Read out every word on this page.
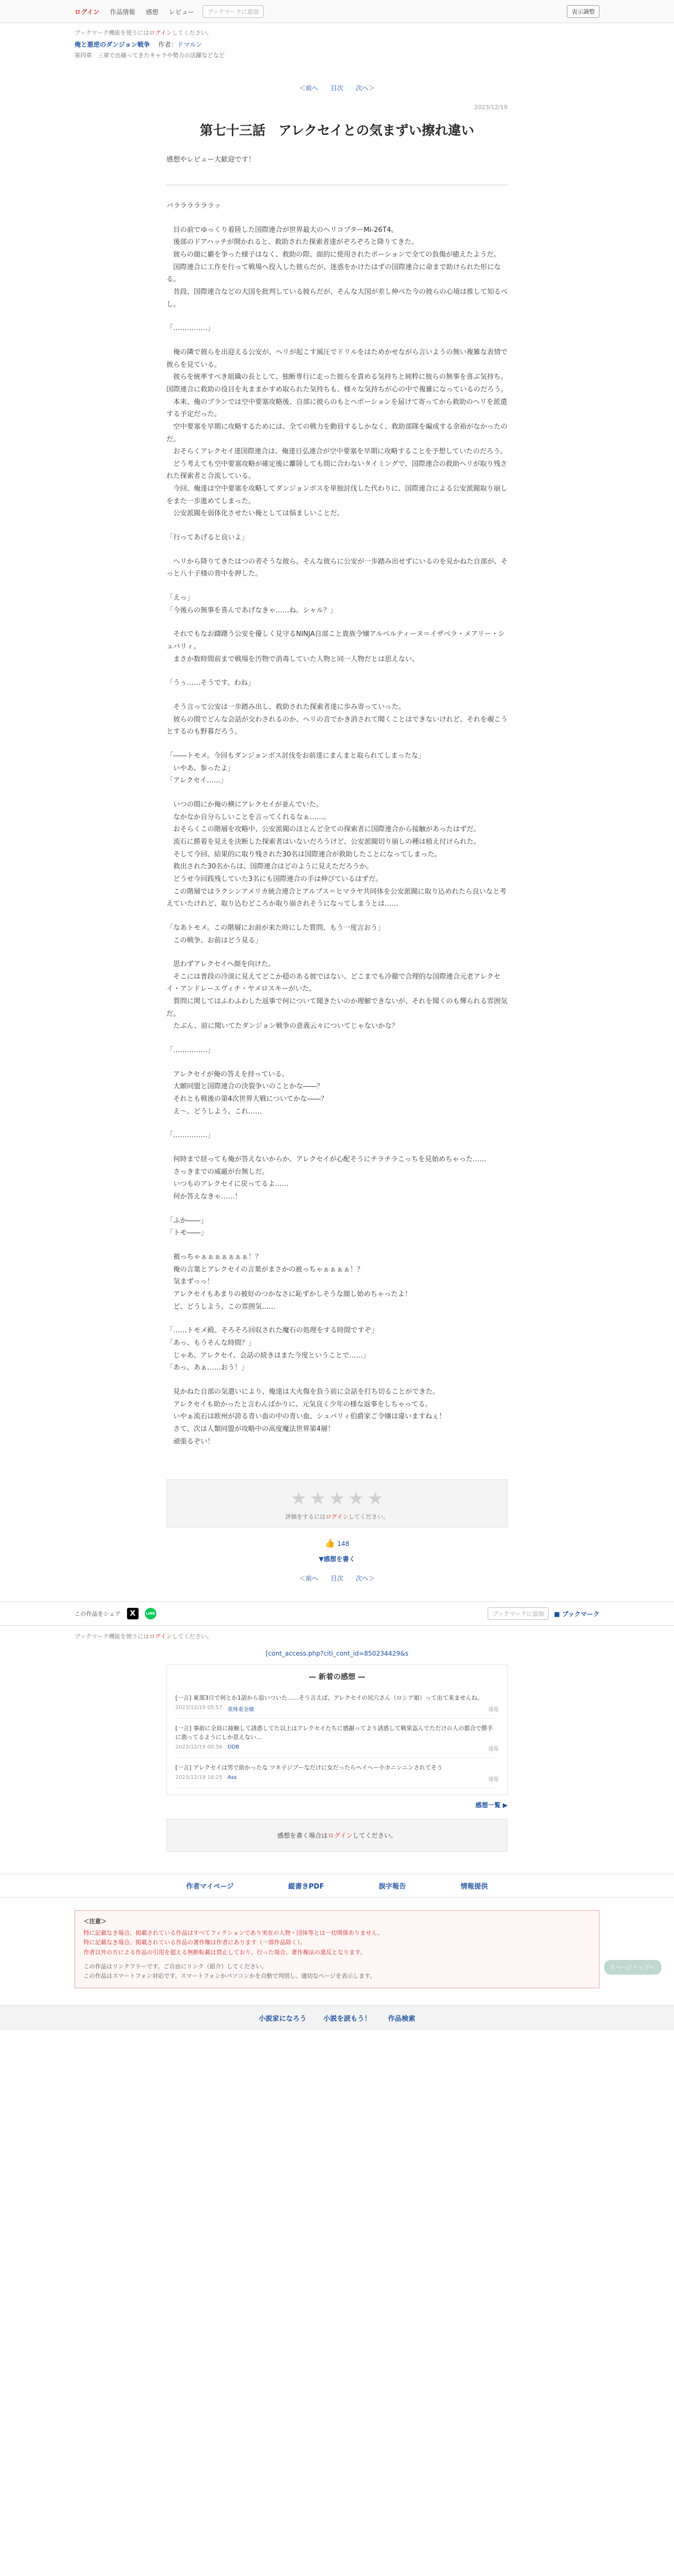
ログイン 作品情報 感想 レビュー	ブックマークに追加	表示調整
ブックマーク機能を使うにはログインしてください。
俺と悪逆のダンジョン戦争 　 作者：ドマルン
第四章　三章で出揃ってきたキャラや勢力の活躍などなど
＜前へ 目次 次へ＞
2023/12/19
第七十三話　アレクセイとの気まずい擦れ違い
感想やレビュー大歓迎です！

バララララララッ

　目の前でゆっくり着陸した国際連合が世界最大のヘリコプターMi-26T4。
　後部のドアハッチが開かれると、救助された探索者達がぞろぞろと降りてきた。
　彼らの顔に覇を争った様子はなく、救助の際、面的に使用されたポーションで全ての負傷が癒えたようだ。
　国際連合に工作を行って戦場へ投入した彼らだが、迷惑をかけたはずの国際連合に命まで助けられた形になる。
　昔段、国際連合などの大国を批判している彼らだが、そんな大国が差し伸べた今の彼らの心境は推して知るべし。

「……………」

　俺の隣で彼らを出迎える公安が、ヘリが起こす風圧でドリルをはためかせながら言いようの無い複雑な表情で彼らを見ている。
　彼らを統率すべき組織の長として、独断専行に走った彼らを責める気持ちと純粋に彼らの無事を喜ぶ気持ち。国際連合に救助の役目を丸ままかすめ取られた気持ちも、様々な気持ちが心の中で複雑になっているのだろう。
　本来、俺のプランでは空中要塞攻略後、自部に彼らのもとへポーションを届けて寄ってから救助のヘリを派遣する予定だった。
　空中要塞を早期に攻略するためには、全ての戦力を動員するしかなく、救助部隊を編成する余裕がなかったのだ。
　おそらくアレクセイ達国際連合は、俺達日弘連合が空中要塞を早期に攻略することを予想していたのだろう。
　どう考えても空中要塞攻略が確定後に離陸しても間に合わないタイミングで、国際連合の救助ヘリが取り残された探索者と合流している。
　今回、俺達は空中要塞を攻略してダンジョンボスを単独討伐した代わりに、国際連合による公安派閥取り崩しをまた一歩進めてしまった。
　公安派閥を弱体化させたい俺としては悩ましいことだ。

「行ってあげると良いよ」

　ヘリから降りてきたはつの者そうな彼ら。そんな彼らに公安が一歩踏み出せずにいるのを見かねた自部が、そっと八十子様の背中を押した。

「えっ」
「今後らの無事を喜んであげなきゃ……ね。シャル？」

　それでもなお躊躇う公安を優しく見守るNINJA自部こと貴族令嬢アルベルティーヌ＝イザベラ・メアリー・シュバリィ。
　まさか数時間前まで戦場を汚物で消毒していた人物と同一人物だとは思えない。

「うぅ……そうです、わね」

　そう言って公安は一歩踏み出し、救助された探索者達に歩み寄っていった。
　彼らの間でどんな会話が交わされるのか、ヘリの音でかき消されて聞くことはできないけれど、それを覗こうとするのも野暮だろう。

「――トモメ。今回もダンジョンボス討伐をお前達にまんまと取られてしまったな」
　いやあ、参ったよ」
「アレクセイ……」

　いつの間にか俺の横にアレクセイが並んでいた。
　なかなか自分らしいことを言ってくれるなぁ……。
　おそらくこの階層を攻略中、公安派閥のほとんど全ての探索者に国際連合から接触があったはずだ。
　流石に勝着を見えを決断した探索者はいないだろうけど、公安派閥切り崩しの種は植え付けられた。
　そして今回、結果的に取り残された30名は国際連合が救助したことになってしまった。
　救出された30名からは、国際連合はどのように見えただろうか。
　どうせ今回践残していた3名にも国際連合の手は伸びているはずだ。
　この階層ではラクシンアメリカ統合連合とアルプス＝ヒマラヤ共同体を公安派閥に取り込めれたら良いなと考えていたけれど、取り込むどころか取り崩されそうになってしまうとは……

「なあトモメ。この階層にお前が来た時にした質問、もう一度言おう」
　この戦争、お前はどう見る」

　思わずアレクセイへ顔を向けた。
　そこには普段の冷淡に見えてどこか穏のある彼ではない、どこまでも冷徹で合理的な国際連合元老アレクセイ・アンドレーエヴィチ・ヤメロスキーがいた。
　質問に関してはふわふわした返事で何について聞きたいのか理解できないが、それを聞くのも憚られる雰囲気だ。
　たぶん、前に聞いてたダンジョン戦争の意義云々についてじゃないかな？

「……………」

　アレクセイが俺の答えを持っている。
　大願同盟と国際連合の決裂争いのことかな――？
　それとも戦後の第4次世界大戦についてかな――？
　え～、どうしよう、これ……

「……………」

　何時まで経っても俺が答えないからか、アレクセイが心配そうにチラチラこっちを見始めちゃった……
　さっきまでの威厳が台無しだ。
　いつものアレクセイに戻ってるよ……
　何か答えなきゃ……！

「ふか――」
「トモ――」

　被っちゃぁぁぁぁぁぁぁ！？
　俺の言葉とアレクセイの言葉がまさかの被っちゃぁぁぁぁ！？
　気まずっっ！
　アレクセイもあまりの被好のつかなさに恥ずかしそうな顔し始めちゃったよ！
　ど、どうしよう。この雰囲気……

「……トモメ殿。そろそろ回収された魔石の処理をする時間ですぞ」
「あっ、もうそんな時間？」
　じゃあ、アレクセイ、会話の続きはまた今度ということで……」
「あっ、あぁ……おう！」

　見かねた自部の気遣いにより、俺達は大火傷を負う前に会話を打ち切ることができた。
　アレクセイも助かったと言わんばかりに、元気良く少年の様な返事をしちゃってる。
　いやぁ流石は欧州が誇る青い血の中の青い血、シュバリィ伯爵家ご令嬢は違いますねぇ！
　さて、次は人類同盟が攻略中の高度魔法世界第4層！
　頑張るぞい！

★ ★ ★ ★ ★
評価をするにはログインしてください。
👍 148
▼感想を書く
＜前へ 目次 次へ＞
↑ページトップへ
この作品をシェア	X	LINE	ブックマークに追加	■ ブックマーク
ブックマーク機能を使うにはログインしてください。
[cont_access.php?citi_cont_id=850234429&s
— 新着の感想 —
[一言] 東部3日で何とか1話から追いついた……そう言えば、アレクセイの尻穴さん（ロシア娘）って出て来ませんね。
2023/12/19 05:57 重殊重金嬢	通報
[一言] 事前に全員に接触して誘惑してた以上はアレクセイたちに感謝ってより誘惑して戦果盗んでただけの人の都合で勝手に漁ってるようにしか思えない…
2023/12/19 00:56 DDB	通報
[一言] アレクセイは男で助かったな ツネ子ジブーなだけに女だったらヘイヘー小カニンニンされてそう
2023/12/19 16:25 Ass	通報
感想一覧 ▶
感想を書く場合はログインしてください。
作者マイページ	縦書きPDF	誤字報告	情報提供
＜注意＞
特に記載なき場合、掲載されている作品はすべてフィクションであり実在の人物・団体等とは一切関係ありません。
特に記載なき場合、掲載されている作品の著作権は作者にあります（一部作品除く）。
作者以外の方による作品の引用を超える無断転載は禁止しており、行った場合、著作権法の違反となります。
この作品はリンクフリーです。ご自由にリンク（紹介）してください。
この作品はスマートフォン対応です。スマートフォンかパソコンかを自動で判別し、適切なページを表示します。
小説家になろう 小説を読もう！ 作品検索
